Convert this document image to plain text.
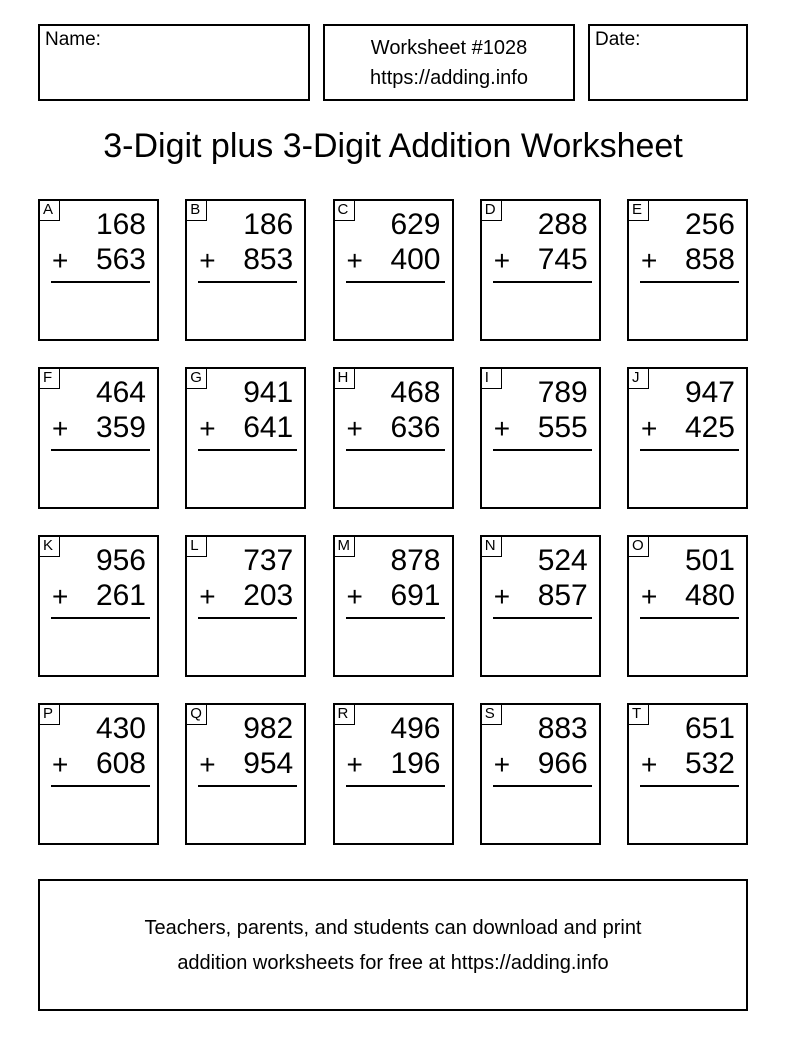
Name:	Worksheet #1028
https://adding.info
Date:
3-Digit plus 3-Digit Addition Worksheet
A 168
+ 563
B 186
+ 853
C 629
+ 400
D 288
+ 745
E 256
+ 858
F 464
+ 359
G 941
+ 641
H 468
+ 636
I	789
+ 555
J	947
+ 425
K 956
+ 261
L 737
+ 203
M 878
+ 691
N 524
+ 857
O 501
+ 480
P 430
+ 608
Q 982
+ 954
R 496
+ 196
S 883
+ 966
T 651
+ 532
Teachers, parents, and students can download and print
addition worksheets for free at https://adding.info
